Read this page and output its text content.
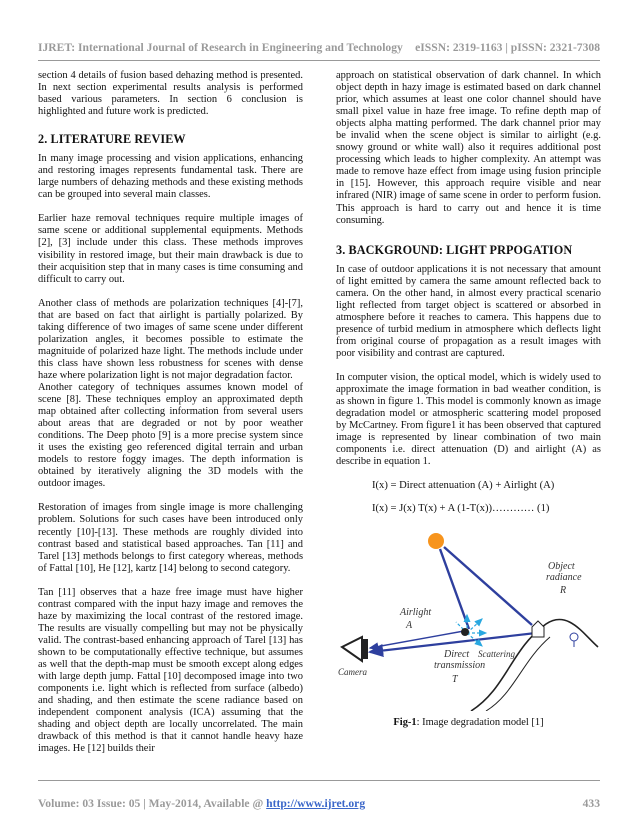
IJRET: International Journal of Research in Engineering and Technology eISSN: 2319-1163 | pISSN: 2321-7308

section 4 details of fusion based dehazing method is presented. In next section experimental results analysis is performed based various parameters. In section 6 conclusion is highlighted and future work is predicted.

2. LITERATURE REVIEW

In many image processing and vision applications, enhancing and restoring images represents fundamental task. There are large numbers of dehazing methods and these existing methods can be grouped into several main classes.

Earlier haze removal techniques require multiple images of same scene or additional supplemental equipments. Methods [2], [3] include under this class. These methods improves visibility in restored image, but their main drawback is due to their acquisition step that in many cases is time consuming and difficult to carry out.

Another class of methods are polarization techniques [4]-[7], that are based on fact that airlight is partially polarized. By taking difference of two images of same scene under different polarization angles, it becomes possible to estimate the magnituide of polarized haze light. The methods include under this class have shown less robustness for scenes with dense haze where polarization light is not major degradation factor.

Another category of techniques assumes known model of scene [8]. These techniques employ an approximated depth map obtained after collecting information from several users about areas that are degraded or not by poor weather conditions. The Deep photo [9] is a more precise system since it uses the existing geo referenced digital terrain and urban models to restore foggy images. The depth information is obtained by iteratively aligning the 3D models with the outdoor images.

Restoration of images from single image is more challenging problem. Solutions for such cases have been introduced only recently [10]-[13]. These methods are roughly divided into contrast based and statistical based approaches. Tan [11] and Tarel [13] methods belongs to first category whereas, methods of Fattal [10], He [12], kartz [14] belong to second category.

Tan [11] observes that a haze free image must have higher contrast compared with the input hazy image and removes the haze by maximizing the local contrast of the restored image. The results are visually compelling but may not be physically valid. The contrast-based enhancing approach of Tarel [13] has shown to be computationally effective technique, but assumes as well that the depth-map must be smooth except along edges with large depth jump. Fattal [10] decomposed image into two components i.e. light which is reflected from surface (albedo) and shading, and then estimate the scene radiance based on independent component analysis (ICA) assuming that the shading and object depth are locally uncorrelated. The main drawback of this method is that it cannot handle heavy haze images. He [12] builds their

approach on statistical observation of dark channel. In which object depth in hazy image is estimated based on dark channel prior, which assumes at least one color channel should have small pixel value in haze free image. To refine depth map of objects alpha matting performed. The dark channel prior may be invalid when the scene object is similar to airlight (e.g. snowy ground or white wall) also it requires additional post processing which leads to higher complexity. An attempt was made to remove haze effect from image using fusion principle in [15]. However, this approach require visible and near infrared (NIR) image of same scene in order to perform fusion. This approach is hard to carry out and hence it is time consuming.

3. BACKGROUND: LIGHT PRPOGATION

In case of outdoor applications it is not necessary that amount of light emitted by camera the same amount reflected back to camera. On the other hand, in almost every practical scenario light reflected from target object is scattered or absorbed in atmosphere before it reaches to camera. This happens due to presence of turbid medium in atmosphere which deflects light from original course of propagation as a result images with poor visibility and contrast are captured.

In computer vision, the optical model, which is widely used to approximate the image formation in bad weather condition, is as shown in figure 1. This model is commonly known as image degradation model or atmospheric scattering model proposed by McCartney. From figure1 it has been observed that captured image is represented by linear combination of two main components i.e. direct attenuation (D) and airlight (A) as describe in equation 1.

I(x) = Direct attenuation (A) + Airlight (A)
I(x) = J(x) T(x) + A (1-T(x))………… (1)
Object
radiance
R
Airlight
A
Direct
transmission
T
Scattering
Camera
Fig-1: Image degradation model [1]
Volume: 03 Issue: 05 | May-2014, Available @ http://www.ijret.org	433
